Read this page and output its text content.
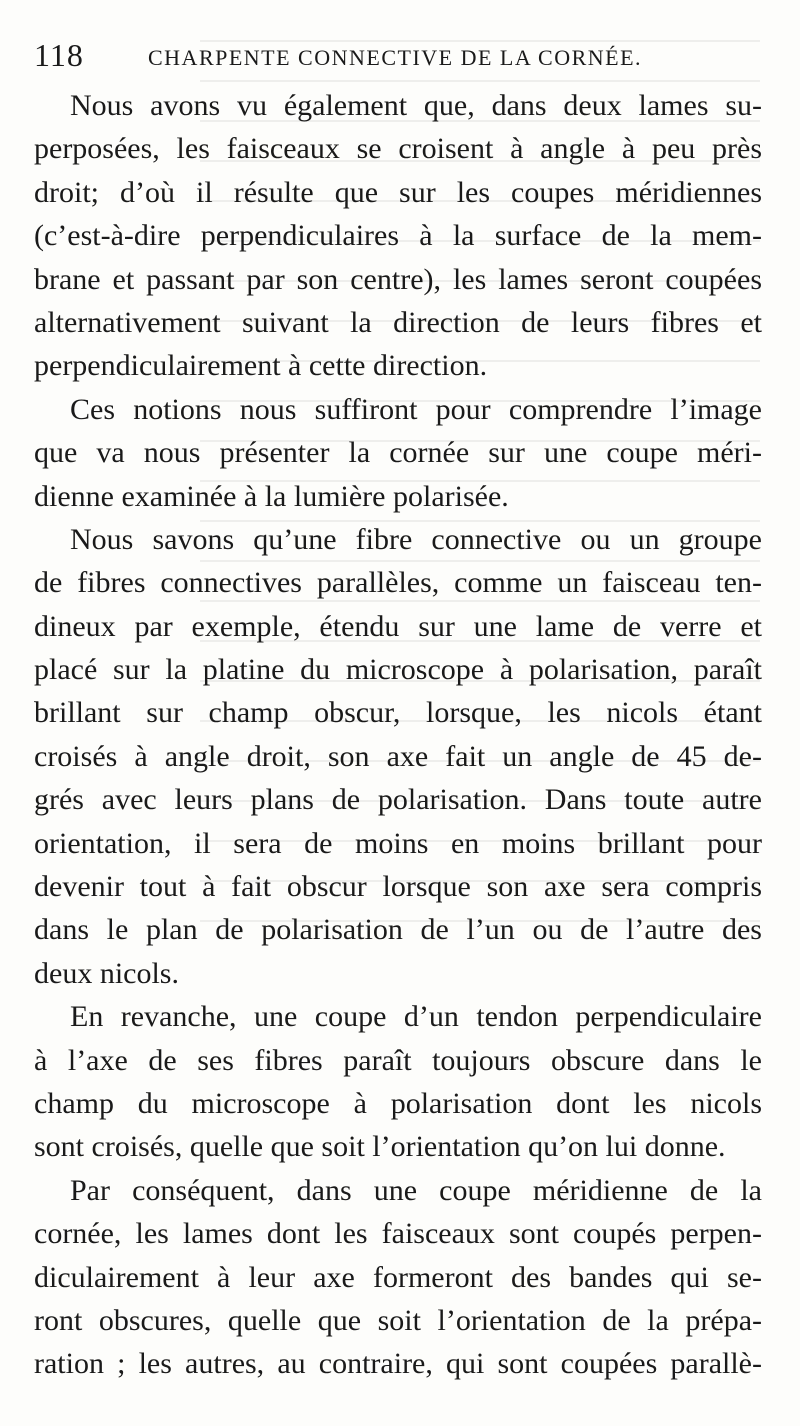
118	CHARPENTE CONNECTIVE DE LA CORNÉE.
Nous avons vu également que, dans deux lames su-
perposées, les faisceaux se croisent à angle à peu près
droit; d’où il résulte que sur les coupes méridiennes
(c’est-à-dire perpendiculaires à la surface de la mem-
brane et passant par son centre), les lames seront coupées
alternativement suivant la direction de leurs fibres et
perpendiculairement à cette direction.
Ces notions nous suffiront pour comprendre l’image
que va nous présenter la cornée sur une coupe méri-
dienne examinée à la lumière polarisée.
Nous savons qu’une fibre connective ou un groupe
de fibres connectives parallèles, comme un faisceau ten-
dineux par exemple, étendu sur une lame de verre et
placé sur la platine du microscope à polarisation, paraît
brillant sur champ obscur, lorsque, les nicols étant
croisés à angle droit, son axe fait un angle de 45 de-
grés avec leurs plans de polarisation. Dans toute autre
orientation, il sera de moins en moins brillant pour
devenir tout à fait obscur lorsque son axe sera compris
dans le plan de polarisation de l’un ou de l’autre des
deux nicols.
En revanche, une coupe d’un tendon perpendiculaire
à l’axe de ses fibres paraît toujours obscure dans le
champ du microscope à polarisation dont les nicols
sont croisés, quelle que soit l’orientation qu’on lui donne.
Par conséquent, dans une coupe méridienne de la
cornée, les lames dont les faisceaux sont coupés perpen-
diculairement à leur axe formeront des bandes qui se-
ront obscures, quelle que soit l’orientation de la prépa-
ration ; les autres, au contraire, qui sont coupées parallè-
